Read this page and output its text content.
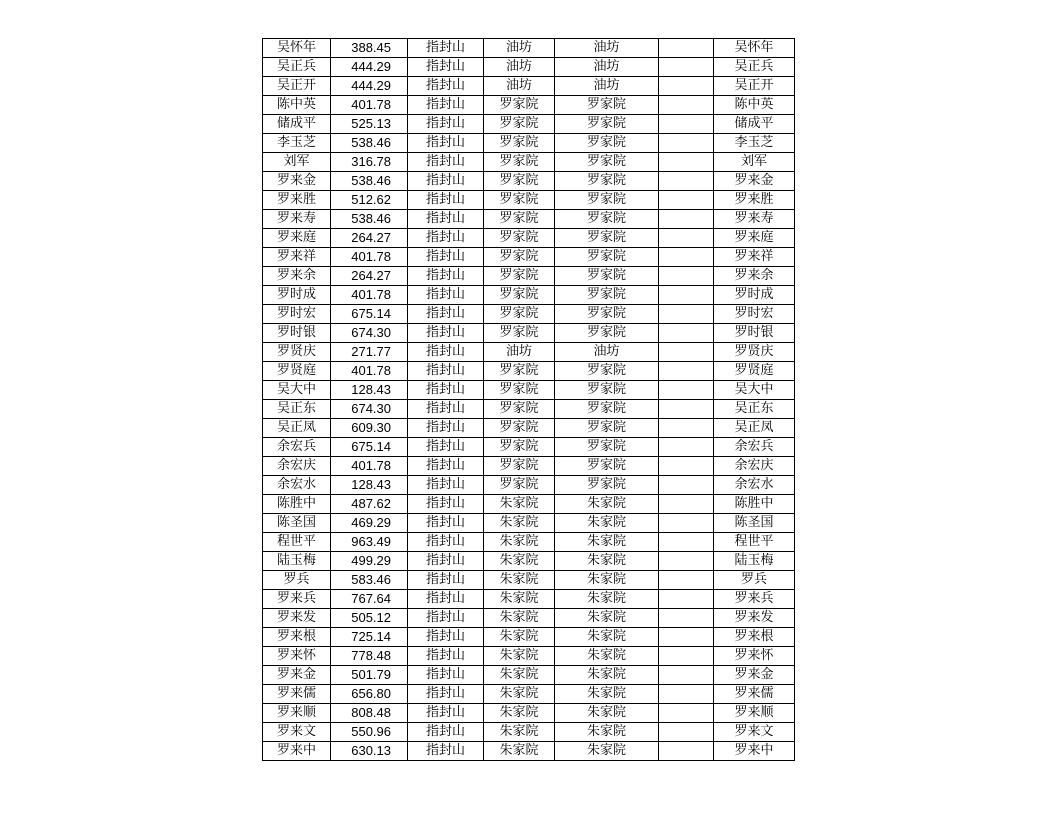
吴怀年	388.45	指封山	油坊	油坊		吴怀年
吴正兵	444.29	指封山	油坊	油坊		吴正兵
吴正开	444.29	指封山	油坊	油坊		吴正开
陈中英	401.78	指封山	罗家院	罗家院		陈中英
储成平	525.13	指封山	罗家院	罗家院		储成平
李玉芝	538.46	指封山	罗家院	罗家院		李玉芝
刘军	316.78	指封山	罗家院	罗家院		刘军
罗来金	538.46	指封山	罗家院	罗家院		罗来金
罗来胜	512.62	指封山	罗家院	罗家院		罗来胜
罗来寿	538.46	指封山	罗家院	罗家院		罗来寿
罗来庭	264.27	指封山	罗家院	罗家院		罗来庭
罗来祥	401.78	指封山	罗家院	罗家院		罗来祥
罗来余	264.27	指封山	罗家院	罗家院		罗来余
罗时成	401.78	指封山	罗家院	罗家院		罗时成
罗时宏	675.14	指封山	罗家院	罗家院		罗时宏
罗时银	674.30	指封山	罗家院	罗家院		罗时银
罗贤庆	271.77	指封山	油坊	油坊		罗贤庆
罗贤庭	401.78	指封山	罗家院	罗家院		罗贤庭
吴大中	128.43	指封山	罗家院	罗家院		吴大中
吴正东	674.30	指封山	罗家院	罗家院		吴正东
吴正凤	609.30	指封山	罗家院	罗家院		吴正凤
余宏兵	675.14	指封山	罗家院	罗家院		余宏兵
余宏庆	401.78	指封山	罗家院	罗家院		余宏庆
余宏水	128.43	指封山	罗家院	罗家院		余宏水
陈胜中	487.62	指封山	朱家院	朱家院		陈胜中
陈圣国	469.29	指封山	朱家院	朱家院		陈圣国
程世平	963.49	指封山	朱家院	朱家院		程世平
陆玉梅	499.29	指封山	朱家院	朱家院		陆玉梅
罗兵	583.46	指封山	朱家院	朱家院		罗兵
罗来兵	767.64	指封山	朱家院	朱家院		罗来兵
罗来发	505.12	指封山	朱家院	朱家院		罗来发
罗来根	725.14	指封山	朱家院	朱家院		罗来根
罗来怀	778.48	指封山	朱家院	朱家院		罗来怀
罗来金	501.79	指封山	朱家院	朱家院		罗来金
罗来儒	656.80	指封山	朱家院	朱家院		罗来儒
罗来顺	808.48	指封山	朱家院	朱家院		罗来顺
罗来文	550.96	指封山	朱家院	朱家院		罗来文
罗来中	630.13	指封山	朱家院	朱家院		罗来中
